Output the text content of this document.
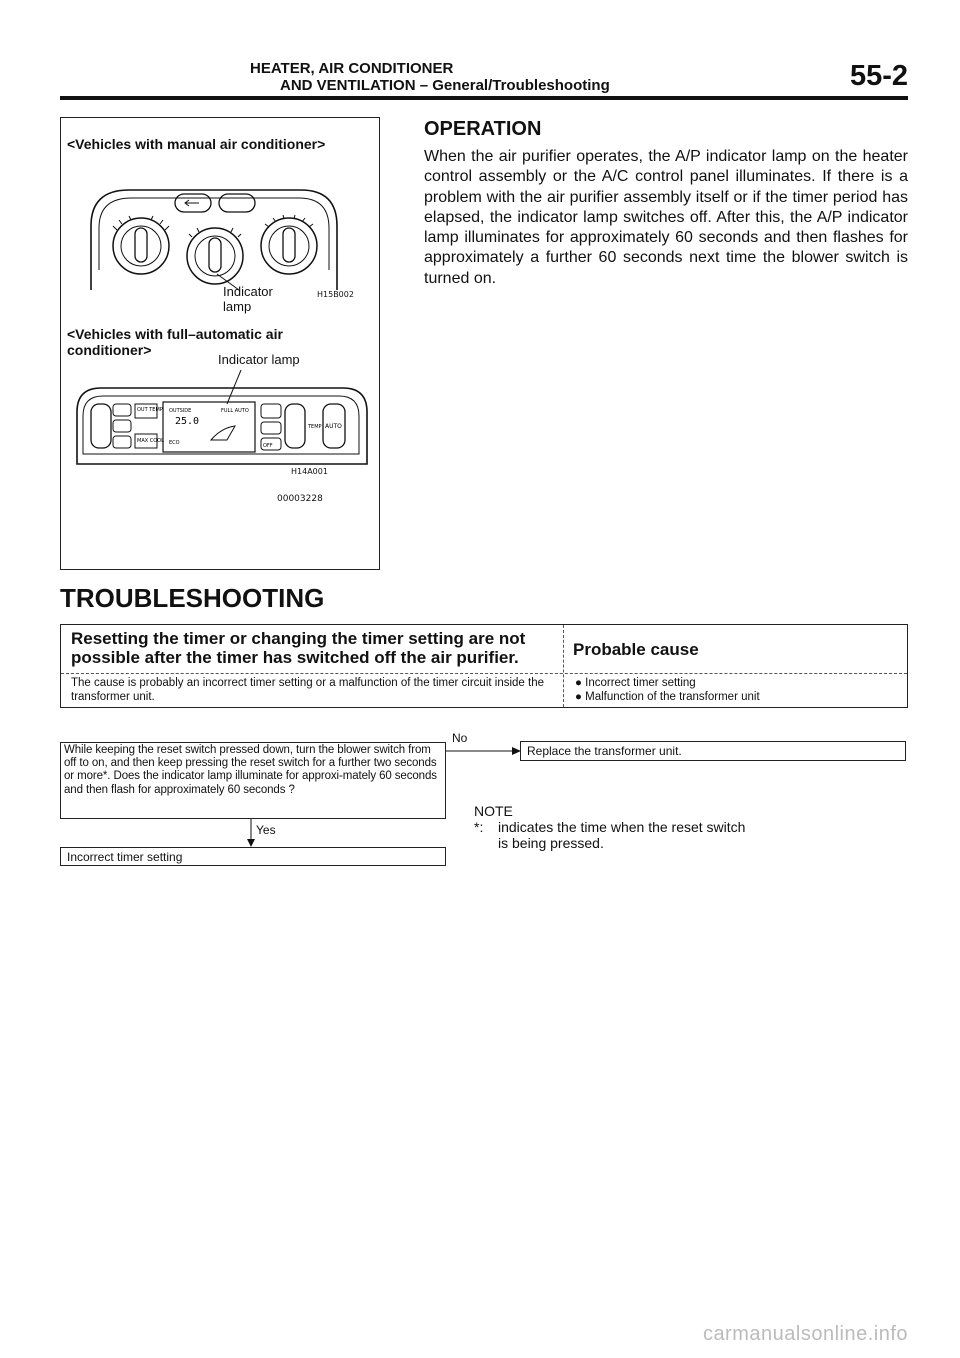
HEATER, AIR CONDITIONER
AND VENTILATION – General/Troubleshooting	55-2
<Vehicles with manual air conditioner>
Indicator
lamp
H15B002
<Vehicles with full–automatic air
conditioner>
Indicator lamp
OUT TEMP
MAX COOL
OUTSIDE	FULL AUTO
25.0
ECO	OFF
TEMP AUTO
H14A001
00003228
OPERATION

When the air purifier operates, the A/P indicator lamp on the heater control assembly or the A/C control panel illuminates. If there is a problem with the air purifier assembly itself or if the timer period has elapsed, the indicator lamp switches off. After this, the A/P indicator lamp illuminates for approximately 60 seconds and then flashes for approximately a further 60 seconds next time the blower switch is turned on.

TROUBLESHOOTING
Resetting the timer or changing the timer setting are not possible after the timer has switched off the air purifier.	Probable cause
The cause is probably an incorrect timer setting or a malfunction of the timer circuit inside the transformer unit.
● Incorrect timer setting
● Malfunction of the transformer unit
No
Replace the transformer unit.
While keeping the reset switch pressed down, turn the blower switch from off to on, and then keep pressing the reset switch for a further two seconds or more*. Does the indicator lamp illuminate for approxi-mately 60 seconds and then flash for approximately 60 seconds ?
Yes
Incorrect timer setting
NOTE
*:	indicates the time when the reset switch
is being pressed.
carmanualsonline.info
